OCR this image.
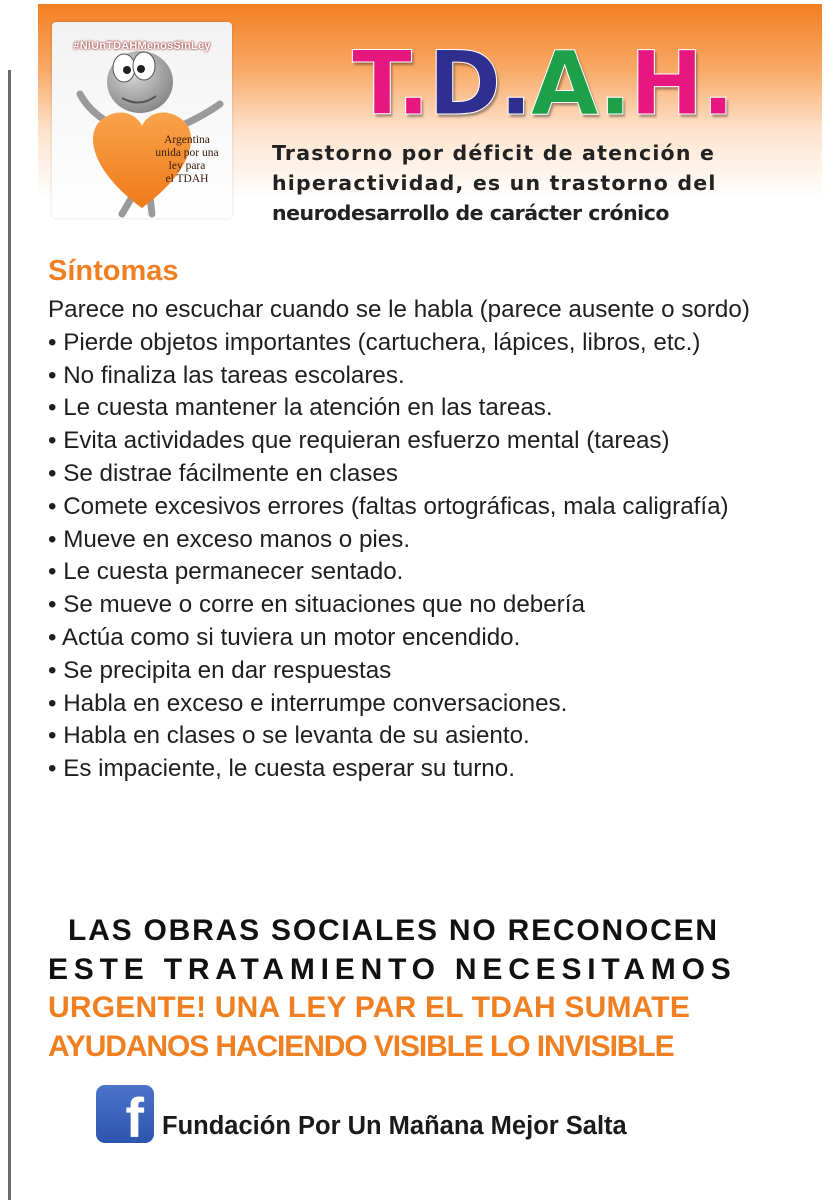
#NiUnTDAHMenosSinLey
Argentina
unida por una
ley para
el TDAH
T.D.A.H.
Trastorno por déficit de atención e
hiperactividad, es un trastorno del
neurodesarrollo de carácter crónico
Síntomas
Parece no escuchar cuando se le habla (parece ausente o sordo)
• Pierde objetos importantes (cartuchera, lápices, libros, etc.)
• No finaliza las tareas escolares.
• Le cuesta mantener la atención en las tareas.
• Evita actividades que requieran esfuerzo mental (tareas)
• Se distrae fácilmente en clases
• Comete excesivos errores (faltas ortográficas, mala caligrafía)
• Mueve en exceso manos o pies.
• Le cuesta permanecer sentado.
• Se mueve o corre en situaciones que no debería
• Actúa como si tuviera un motor encendido.
• Se precipita en dar respuestas
• Habla en exceso e interrumpe conversaciones.
• Habla en clases o se levanta de su asiento.
• Es impaciente, le cuesta esperar su turno.
LAS OBRAS SOCIALES NO RECONOCEN
ESTE TRATAMIENTO NECESITAMOS
URGENTE! UNA LEY PAR EL TDAH SUMATE
AYUDANOS HACIENDO VISIBLE LO INVISIBLE
f Fundación Por Un Mañana Mejor Salta
